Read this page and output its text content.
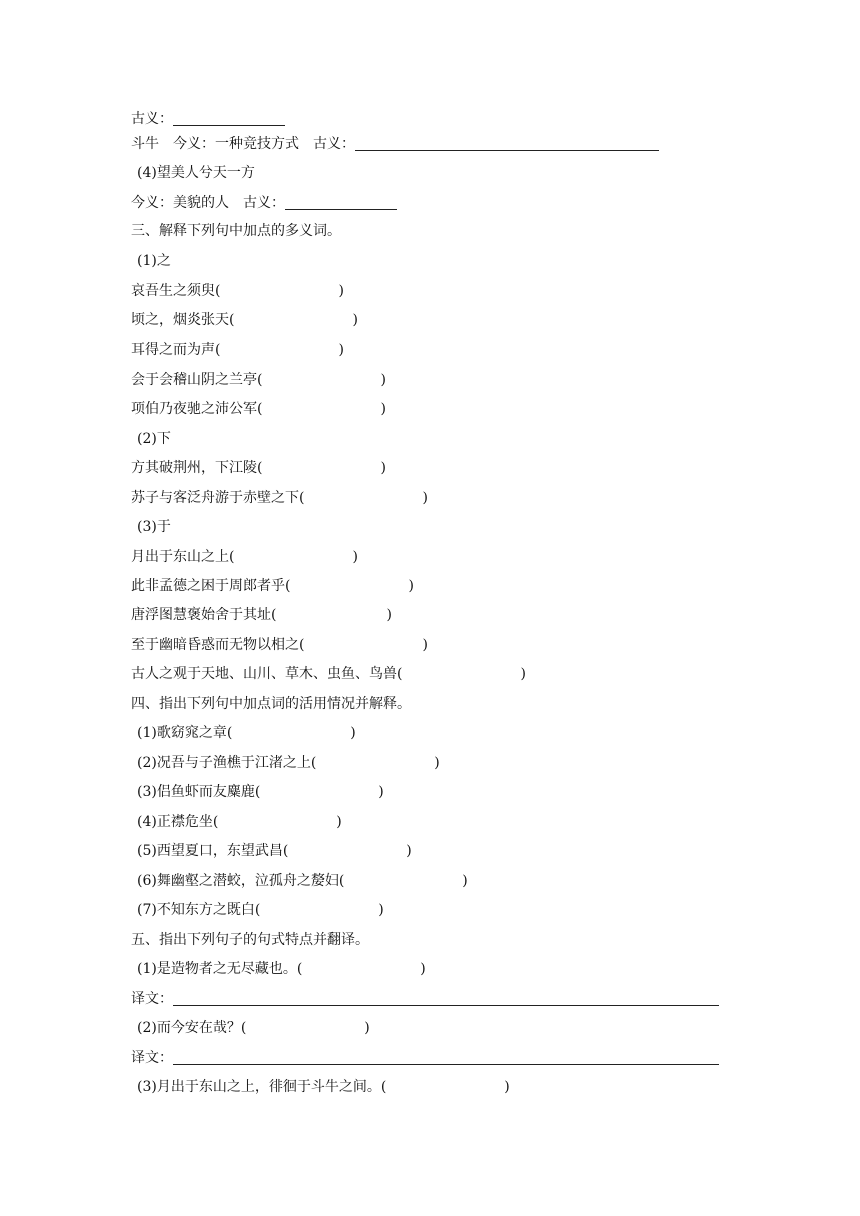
古义：
斗牛　今义：一种竞技方式　古义：
(4)望美人兮天一方
今义：美貌的人　古义：
三、解释下列句中加点的多义词。
(1)之
哀吾生之须臾(	)
顷之，烟炎张天(	)
耳得之而为声(	)
会于会稽山阴之兰亭(	)
项伯乃夜驰之沛公军(	)
(2)下
方其破荆州，下江陵(	)
苏子与客泛舟游于赤壁之下(	)
(3)于
月出于东山之上(	)
此非孟德之困于周郎者乎(	)
唐浮图慧褒始舍于其址(	)
至于幽暗昏惑而无物以相之(	)
古人之观于天地、山川、草木、虫鱼、鸟兽(	)
四、指出下列句中加点词的活用情况并解释。
(1)歌窈窕之章(	)
(2)况吾与子渔樵于江渚之上(	)
(3)侣鱼虾而友麋鹿(	)
(4)正襟危坐(	)
(5)西望夏口，东望武昌(	)
(6)舞幽壑之潜蛟，泣孤舟之嫠妇(	)
(7)不知东方之既白(	)
五、指出下列句子的句式特点并翻译。
(1)是造物者之无尽藏也。(	)
译文：
(2)而今安在哉？(	)
译文：
(3)月出于东山之上，徘徊于斗牛之间。(	)
